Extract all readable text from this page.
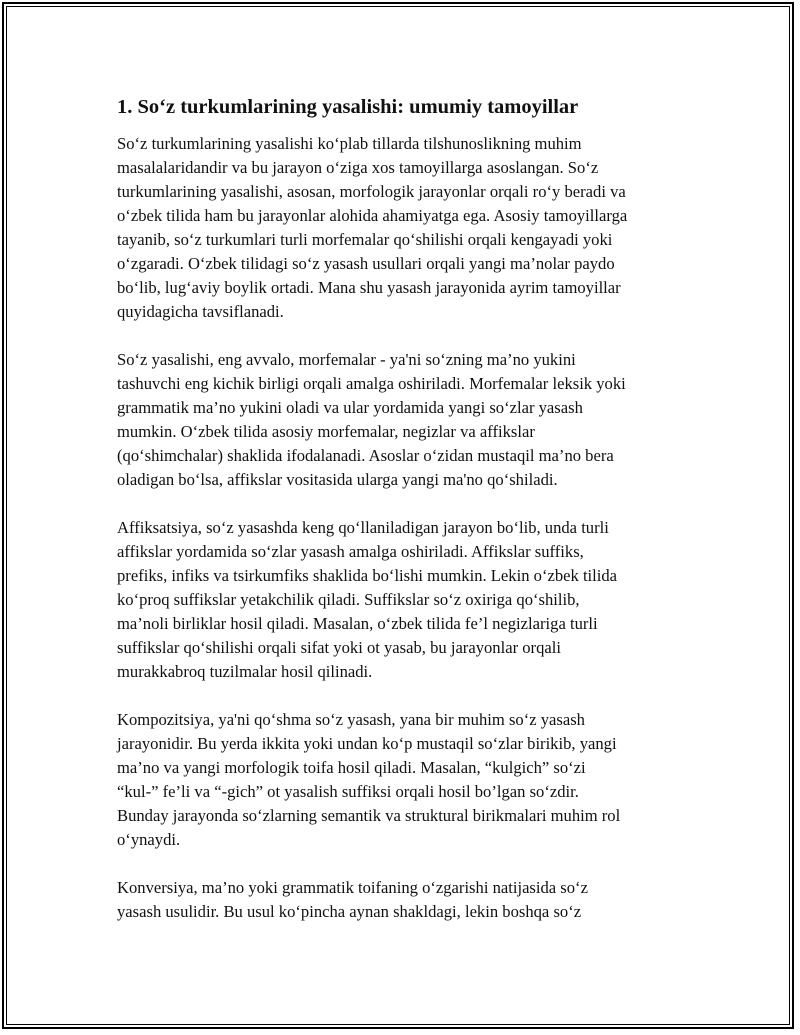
1. So‘z turkumlarining yasalishi: umumiy tamoyillar

So‘z turkumlarining yasalishi ko‘plab tillarda tilshunoslikning muhim
masalalaridandir va bu jarayon o‘ziga xos tamoyillarga asoslangan. So‘z
turkumlarining yasalishi, asosan, morfologik jarayonlar orqali ro‘y beradi va
o‘zbek tilida ham bu jarayonlar alohida ahamiyatga ega. Asosiy tamoyillarga
tayanib, so‘z turkumlari turli morfemalar qo‘shilishi orqali kengayadi yoki
o‘zgaradi. O‘zbek tilidagi so‘z yasash usullari orqali yangi ma’nolar paydo
bo‘lib, lug‘aviy boylik ortadi. Mana shu yasash jarayonida ayrim tamoyillar
quyidagicha tavsiflanadi.

So‘z yasalishi, eng avvalo, morfemalar - ya'ni so‘zning ma’no yukini
tashuvchi eng kichik birligi orqali amalga oshiriladi. Morfemalar leksik yoki
grammatik ma’no yukini oladi va ular yordamida yangi so‘zlar yasash
mumkin. O‘zbek tilida asosiy morfemalar, negizlar va affikslar
(qo‘shimchalar) shaklida ifodalanadi. Asoslar o‘zidan mustaqil ma’no bera
oladigan bo‘lsa, affikslar vositasida ularga yangi ma'no qo‘shiladi.

Affiksatsiya, so‘z yasashda keng qo‘llaniladigan jarayon bo‘lib, unda turli
affikslar yordamida so‘zlar yasash amalga oshiriladi. Affikslar suffiks,
prefiks, infiks va tsirkumfiks shaklida bo‘lishi mumkin. Lekin o‘zbek tilida
ko‘proq suffikslar yetakchilik qiladi. Suffikslar so‘z oxiriga qo‘shilib,
ma’noli birliklar hosil qiladi. Masalan, o‘zbek tilida fe’l negizlariga turli
suffikslar qo‘shilishi orqali sifat yoki ot yasab, bu jarayonlar orqali
murakkabroq tuzilmalar hosil qilinadi.

Kompozitsiya, ya'ni qo‘shma so‘z yasash, yana bir muhim so‘z yasash
jarayonidir. Bu yerda ikkita yoki undan ko‘p mustaqil so‘zlar birikib, yangi
ma’no va yangi morfologik toifa hosil qiladi. Masalan, “kulgich” so‘zi
“kul-” fe’li va “-gich” ot yasalish suffiksi orqali hosil bo’lgan so‘zdir.
Bunday jarayonda so‘zlarning semantik va struktural birikmalari muhim rol
o‘ynaydi.

Konversiya, ma’no yoki grammatik toifaning o‘zgarishi natijasida so‘z
yasash usulidir. Bu usul ko‘pincha aynan shakldagi, lekin boshqa so‘z
